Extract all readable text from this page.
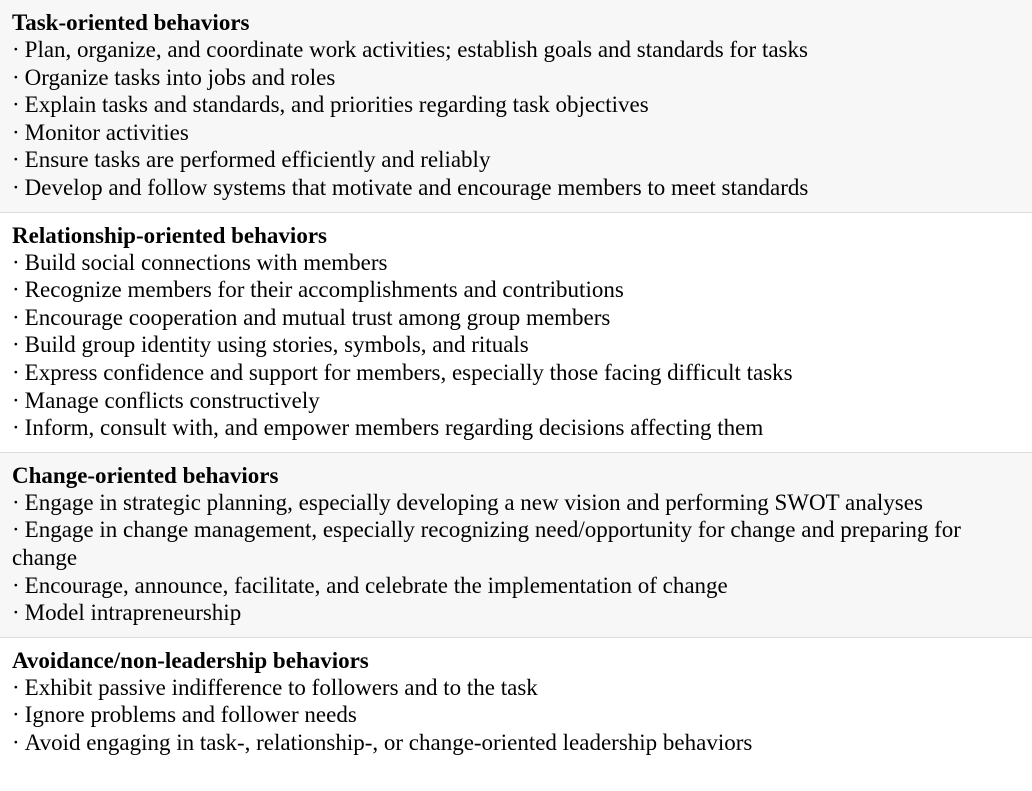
Task-oriented behaviors
· Plan, organize, and coordinate work activities; establish goals and standards for tasks
· Organize tasks into jobs and roles
· Explain tasks and standards, and priorities regarding task objectives
· Monitor activities
· Ensure tasks are performed efficiently and reliably
· Develop and follow systems that motivate and encourage members to meet standards
Relationship-oriented behaviors
· Build social connections with members
· Recognize members for their accomplishments and contributions
· Encourage cooperation and mutual trust among group members
· Build group identity using stories, symbols, and rituals
· Express confidence and support for members, especially those facing difficult tasks
· Manage conflicts constructively
· Inform, consult with, and empower members regarding decisions affecting them
Change-oriented behaviors
· Engage in strategic planning, especially developing a new vision and performing SWOT analyses
· Engage in change management, especially recognizing need/opportunity for change and preparing for change
· Encourage, announce, facilitate, and celebrate the implementation of change
· Model intrapreneurship
Avoidance/non-leadership behaviors
· Exhibit passive indifference to followers and to the task
· Ignore problems and follower needs
· Avoid engaging in task-, relationship-, or change-oriented leadership behaviors
